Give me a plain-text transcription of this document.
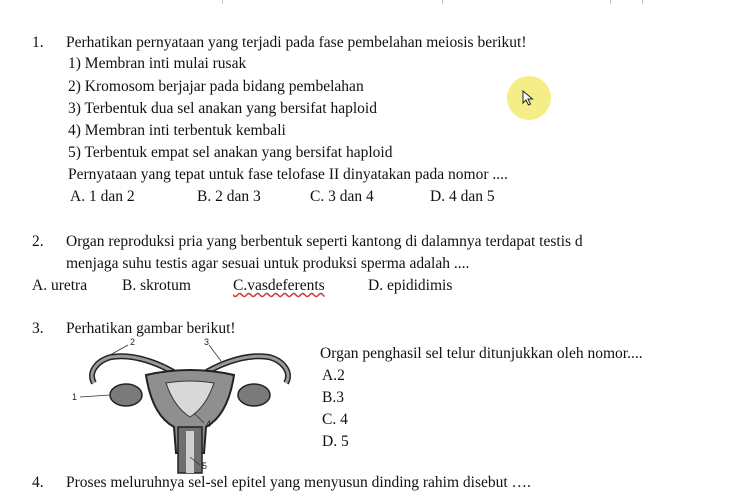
1. Perhatikan pernyataan yang terjadi pada fase pembelahan meiosis berikut!
1) Membran inti mulai rusak
2) Kromosom berjajar pada bidang pembelahan
3) Terbentuk dua sel anakan yang bersifat haploid
4) Membran inti terbentuk kembali
5) Terbentuk empat sel anakan yang bersifat haploid
Pernyataan yang tepat untuk fase telofase II dinyatakan pada nomor ....
A. 1 dan 2	B. 2 dan 3	C. 3 dan 4	D. 4 dan 5
2. Organ reproduksi pria yang berbentuk seperti kantong di dalamnya terdapat testis d
menjaga suhu testis agar sesuai untuk produksi sperma adalah ....
A. uretra B. skrotum	C.vasdeferents	D. epididimis
3. Perhatikan gambar berikut!
2	3
1
4
5
Organ penghasil sel telur ditunjukkan oleh nomor....
A.2
B.3
C. 4
D. 5
4. Proses meluruhnya sel-sel epitel yang menyusun dinding rahim disebut ….
